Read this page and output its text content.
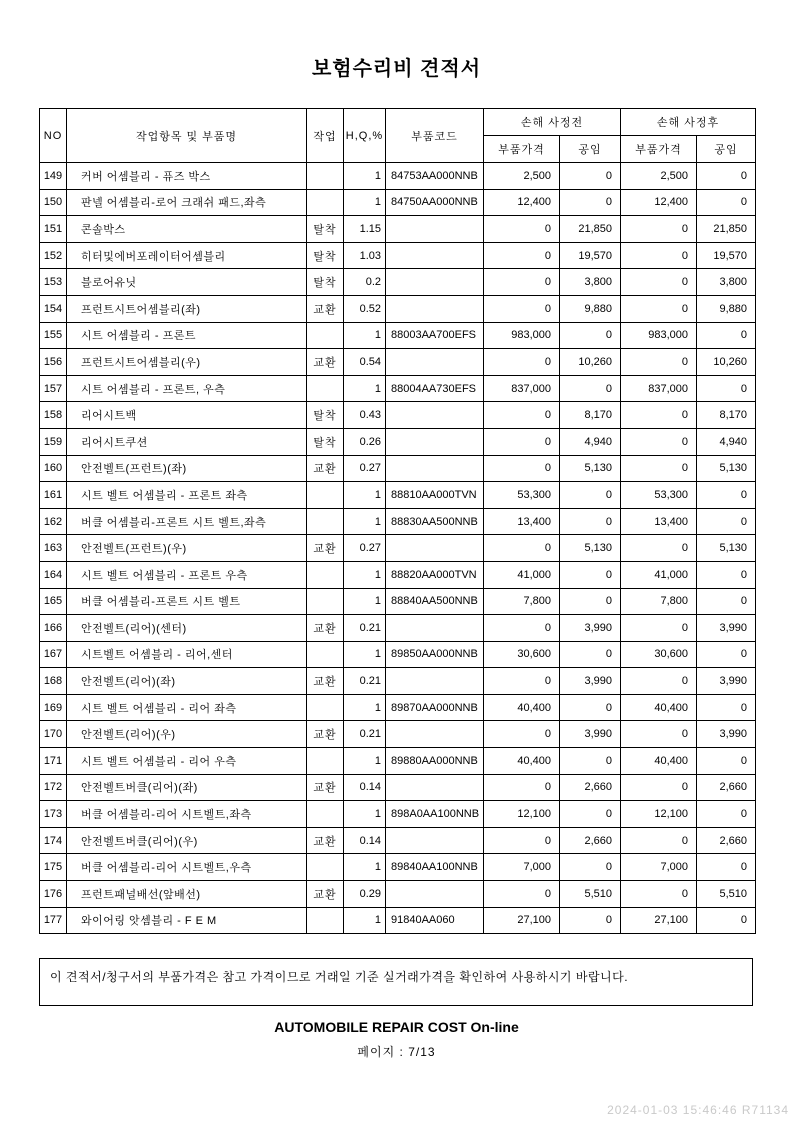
보험수리비 견적서
NO	작업항목 및 부품명	작업	H,Q,%	부품코드	손해 사정전		손해 사정후	
					부품가격	공임	부품가격	공임
149	커버 어셈블리 - 퓨즈 박스		1	84753AA000NNB	2,500	0	2,500	0
150	판넬 어셈블리-로어 크래쉬 패드,좌측		1	84750AA000NNB	12,400	0	12,400	0
151	콘솔박스	탈착	1.15		0	21,850	0	21,850
152	히터및에버포레이터어셈블리	탈착	1.03		0	19,570	0	19,570
153	블로어유닛	탈착	0.2		0	3,800	0	3,800
154	프런트시트어셈블리(좌)	교환	0.52		0	9,880	0	9,880
155	시트 어셈블리 - 프론트		1	88003AA700EFS	983,000	0	983,000	0
156	프런트시트어셈블리(우)	교환	0.54		0	10,260	0	10,260
157	시트 어셈블리 - 프론트, 우측		1	88004AA730EFS	837,000	0	837,000	0
158	리어시트백	탈착	0.43		0	8,170	0	8,170
159	리어시트쿠션	탈착	0.26		0	4,940	0	4,940
160	안전벨트(프런트)(좌)	교환	0.27		0	5,130	0	5,130
161	시트 벨트 어셈블리 - 프론트 좌측		1	88810AA000TVN	53,300	0	53,300	0
162	버클 어셈블리-프론트 시트 벨트,좌측		1	88830AA500NNB	13,400	0	13,400	0
163	안전벨트(프런트)(우)	교환	0.27		0	5,130	0	5,130
164	시트 벨트 어셈블리 - 프론트 우측		1	88820AA000TVN	41,000	0	41,000	0
165	버클 어셈블리-프론트 시트 벨트		1	88840AA500NNB	7,800	0	7,800	0
166	안전벨트(리어)(센터)	교환	0.21		0	3,990	0	3,990
167	시트벨트 어셈블리 - 리어,센터		1	89850AA000NNB	30,600	0	30,600	0
168	안전벨트(리어)(좌)	교환	0.21		0	3,990	0	3,990
169	시트 벨트 어셈블리 - 리어 좌측		1	89870AA000NNB	40,400	0	40,400	0
170	안전벨트(리어)(우)	교환	0.21		0	3,990	0	3,990
171	시트 벨트 어셈블리 - 리어 우측		1	89880AA000NNB	40,400	0	40,400	0
172	안전벨트버클(리어)(좌)	교환	0.14		0	2,660	0	2,660
173	버클 어셈블리-리어 시트벨트,좌측		1	898A0AA100NNB	12,100	0	12,100	0
174	안전벨트버클(리어)(우)	교환	0.14		0	2,660	0	2,660
175	버클 어셈블리-리어 시트벨트,우측		1	89840AA100NNB	7,000	0	7,000	0
176	프런트패널배선(앞배선)	교환	0.29		0	5,510	0	5,510
177	와이어링 앗셈블리 - F E M		1	91840AA060	27,100	0	27,100	0
이 견적서/청구서의 부품가격은 참고 가격이므로 거래일 기준 실거래가격을 확인하여 사용하시기 바랍니다.
AUTOMOBILE REPAIR COST On-line
페이지 : 7/13
2024-01-03 15:46:46 R71134
